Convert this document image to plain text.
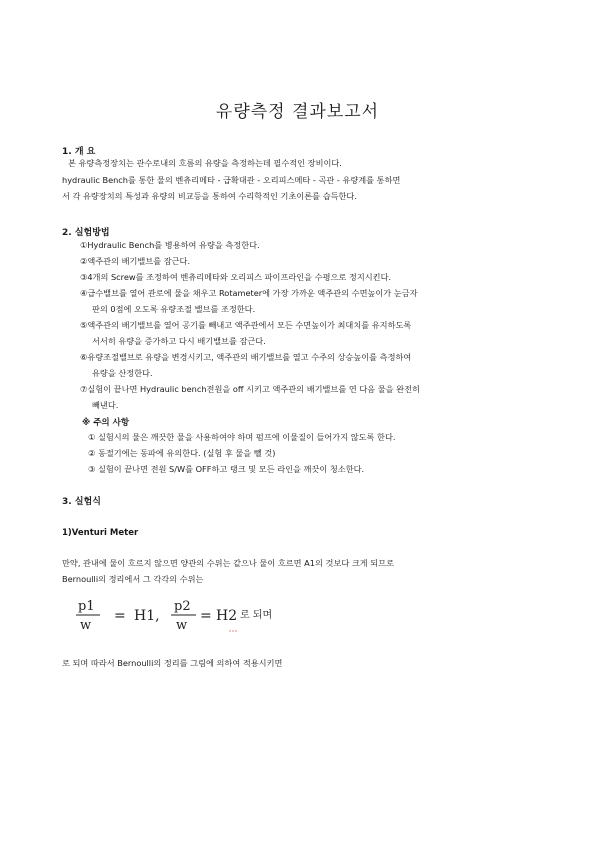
유량측정 결과보고서
1. 개 요
본 유량측정장치는 관수로내의 흐름의 유량을 측정하는데 필수적인 장비이다.
hydraulic Bench를 통한 물의 벤츄리메타 - 급확대관 - 오리피스메타 - 곡관 - 유량계를 통하면
서 각 유량장치의 특성과 유량의 비교등을 통하여 수리학적인 기초이론를 습득한다.
2. 실험방법
①Hydraulic Bench를 병용하여 유량을 측정한다.
②액주관의 배기밸브를 잠근다.
③4개의 Screw를 조정하여 벤츄리메타와 오리피스 파이프라인을 수평으로 정지시킨다.
④급수밸브를 열어 관로에 물을 채우고 Rotameter에 가장 가까운 액주관의 수면높이가 눈금자
판의 0점에 오도록 유량조절 밸브를 조정한다.
⑤액주관의 배기밸브를 열어 공기를 빼내고 액주관에서 모든 수면높이가 최대치를 유지하도록
서서히 유량을 증가하고 다시 배기밸브를 잠근다.
⑥유량조절밸브로 유량을 변경시키고, 액주관의 배기밸브를 열고 수주의 상승높이를 측정하여
유량을 산정한다.
⑦실험이 끝나면 Hydraulic bench전원을 off 시키고 액주관의 배기밸브를 연 다음 물을 완전히
빼낸다.
※ 주의 사항
① 실험시의 물은 깨끗한 물을 사용하여야 하며 펌프에 이물질이 들어가지 않도록 한다.
② 동절기에는 동파에 유의한다. (실험 후 물을 뺄 것)
③ 실험이 끝나면 전원 S/W를 OFF하고 탱크 및 모든 라인을 깨끗이 청소한다.
3. 실험식
1)Venturi Meter
만약, 관내에 물이 흐르지 않으면 양관의 수위는 같으나 물이 흐르면 A1의 것보다 크게 되므로
Bernoulli의 정리에서 그 각각의 수위는
p1
w
= H1,
p2
w
= H2 로 되며
로 되며 따라서 Bernoulli의 정리를 그림에 의하여 적용시키면
